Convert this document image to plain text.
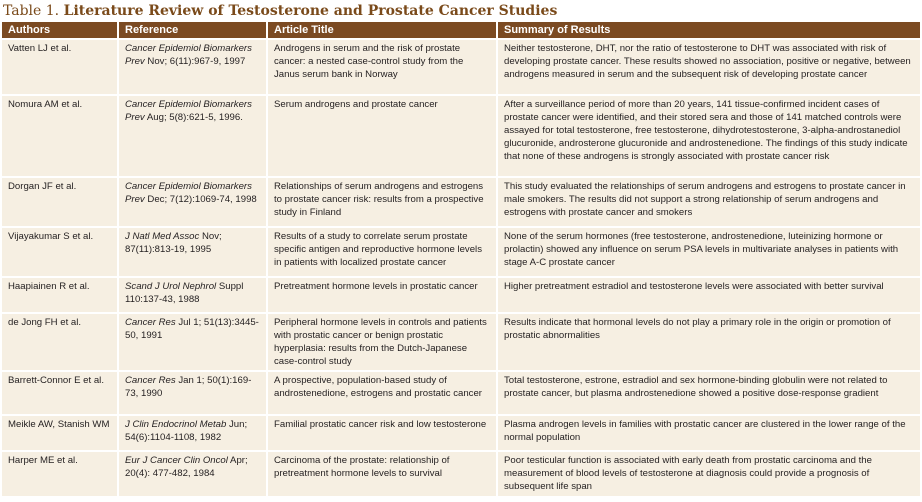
Table 1. Literature Review of Testosterone and Prostate Cancer Studies
Authors	Reference	Article Title	Summary of Results
Vatten LJ et al.	Cancer Epidemiol Biomarkers Prev Nov; 6(11):967-9, 1997	Androgens in serum and the risk of prostate cancer: a nested case-control study from the Janus serum bank in Norway	Neither testosterone, DHT, nor the ratio of testosterone to DHT was associated with risk of developing prostate cancer. These results showed no association, positive or negative, between androgens measured in serum and the subsequent risk of developing prostate cancer
Nomura AM et al.	Cancer Epidemiol Biomarkers Prev Aug; 5(8):621-5, 1996.	Serum androgens and prostate cancer	After a surveillance period of more than 20 years, 141 tissue-confirmed incident cases of prostate cancer were identified, and their stored sera and those of 141 matched controls were assayed for total testosterone, free testosterone, dihydrotestosterone, 3-alpha-androstanediol glucuronide, androsterone glucuronide and androstenedione. The findings of this study indicate that none of these androgens is strongly associated with prostate cancer risk
Dorgan JF et al.	Cancer Epidemiol Biomarkers Prev Dec; 7(12):1069-74, 1998	Relationships of serum androgens and estrogens to prostate cancer risk: results from a prospective study in Finland	This study evaluated the relationships of serum androgens and estrogens to prostate cancer in male smokers. The results did not support a strong relationship of serum androgens and estrogens with prostate cancer and smokers
Vijayakumar S et al.	J Natl Med Assoc Nov; 87(11):813-19, 1995	Results of a study to correlate serum prostate specific antigen and reproductive hormone levels in patients with localized prostate cancer	None of the serum hormones (free testosterone, androstenedione, luteinizing hormone or prolactin) showed any influence on serum PSA levels in multivariate analyses in patients with stage A-C prostate cancer
Haapiainen R et al.	Scand J Urol Nephrol Suppl 110:137-43, 1988	Pretreatment hormone levels in prostatic cancer	Higher pretreatment estradiol and testosterone levels were associated with better survival
de Jong FH et al.	Cancer Res Jul 1; 51(13):3445-50, 1991	Peripheral hormone levels in controls and patients with prostatic cancer or benign prostatic hyperplasia: results from the Dutch-Japanese case-control study	Results indicate that hormonal levels do not play a primary role in the origin or promotion of prostatic abnormalities
Barrett-Connor E et al.	Cancer Res Jan 1; 50(1):169-73, 1990	A prospective, population-based study of androstenedione, estrogens and prostatic cancer	Total testosterone, estrone, estradiol and sex hormone-binding globulin were not related to prostate cancer, but plasma androstenedione showed a positive dose-response gradient
Meikle AW, Stanish WM	J Clin Endocrinol Metab Jun; 54(6):1104-1108, 1982	Familial prostatic cancer risk and low testosterone	Plasma androgen levels in families with prostatic cancer are clustered in the lower range of the normal population
Harper ME et al.	Eur J Cancer Clin Oncol Apr; 20(4): 477-482, 1984	Carcinoma of the prostate: relationship of pretreatment hormone levels to survival	Poor testicular function is associated with early death from prostatic carcinoma and the measurement of blood levels of testosterone at diagnosis could provide a prognosis of subsequent life span
